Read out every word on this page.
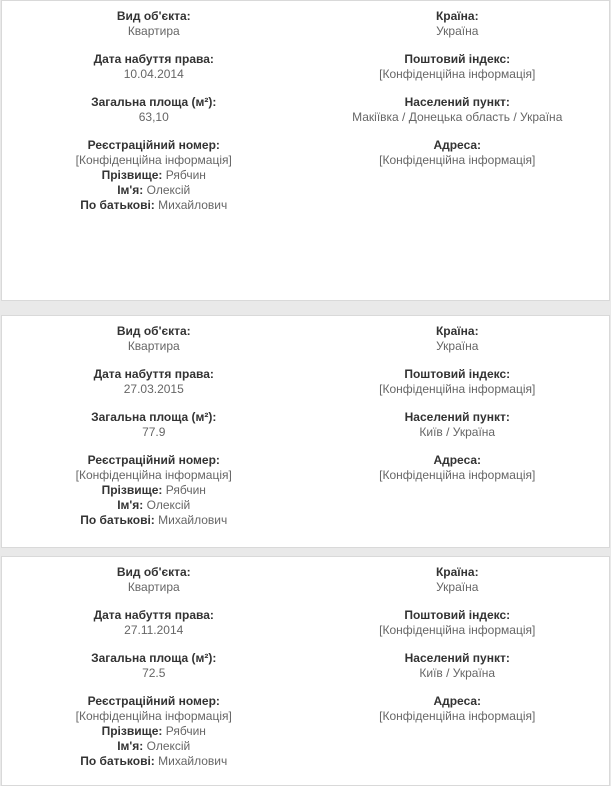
Вид об'єкта:
Квартира
Дата набуття права:
10.04.2014
Загальна площа (м²):
63,10
Реєстраційний номер:
[Конфіденційна інформація]
Прізвище: Рябчин
Ім'я: Олексій
По батькові: Михайлович
Країна:
Україна
Поштовий індекс:
[Конфіденційна інформація]
Населений пункт:
Макіївка / Донецька область / Україна
Адреса:
[Конфіденційна інформація]
Вид об'єкта:
Квартира
Дата набуття права:
27.03.2015
Загальна площа (м²):
77.9
Реєстраційний номер:
[Конфіденційна інформація]
Прізвище: Рябчин
Ім'я: Олексій
По батькові: Михайлович
Країна:
Україна
Поштовий індекс:
[Конфіденційна інформація]
Населений пункт:
Київ / Україна
Адреса:
[Конфіденційна інформація]
Вид об'єкта:
Квартира
Дата набуття права:
27.11.2014
Загальна площа (м²):
72.5
Реєстраційний номер:
[Конфіденційна інформація]
Прізвище: Рябчин
Ім'я: Олексій
По батькові: Михайлович
Країна:
Україна
Поштовий індекс:
[Конфіденційна інформація]
Населений пункт:
Київ / Україна
Адреса:
[Конфіденційна інформація]
